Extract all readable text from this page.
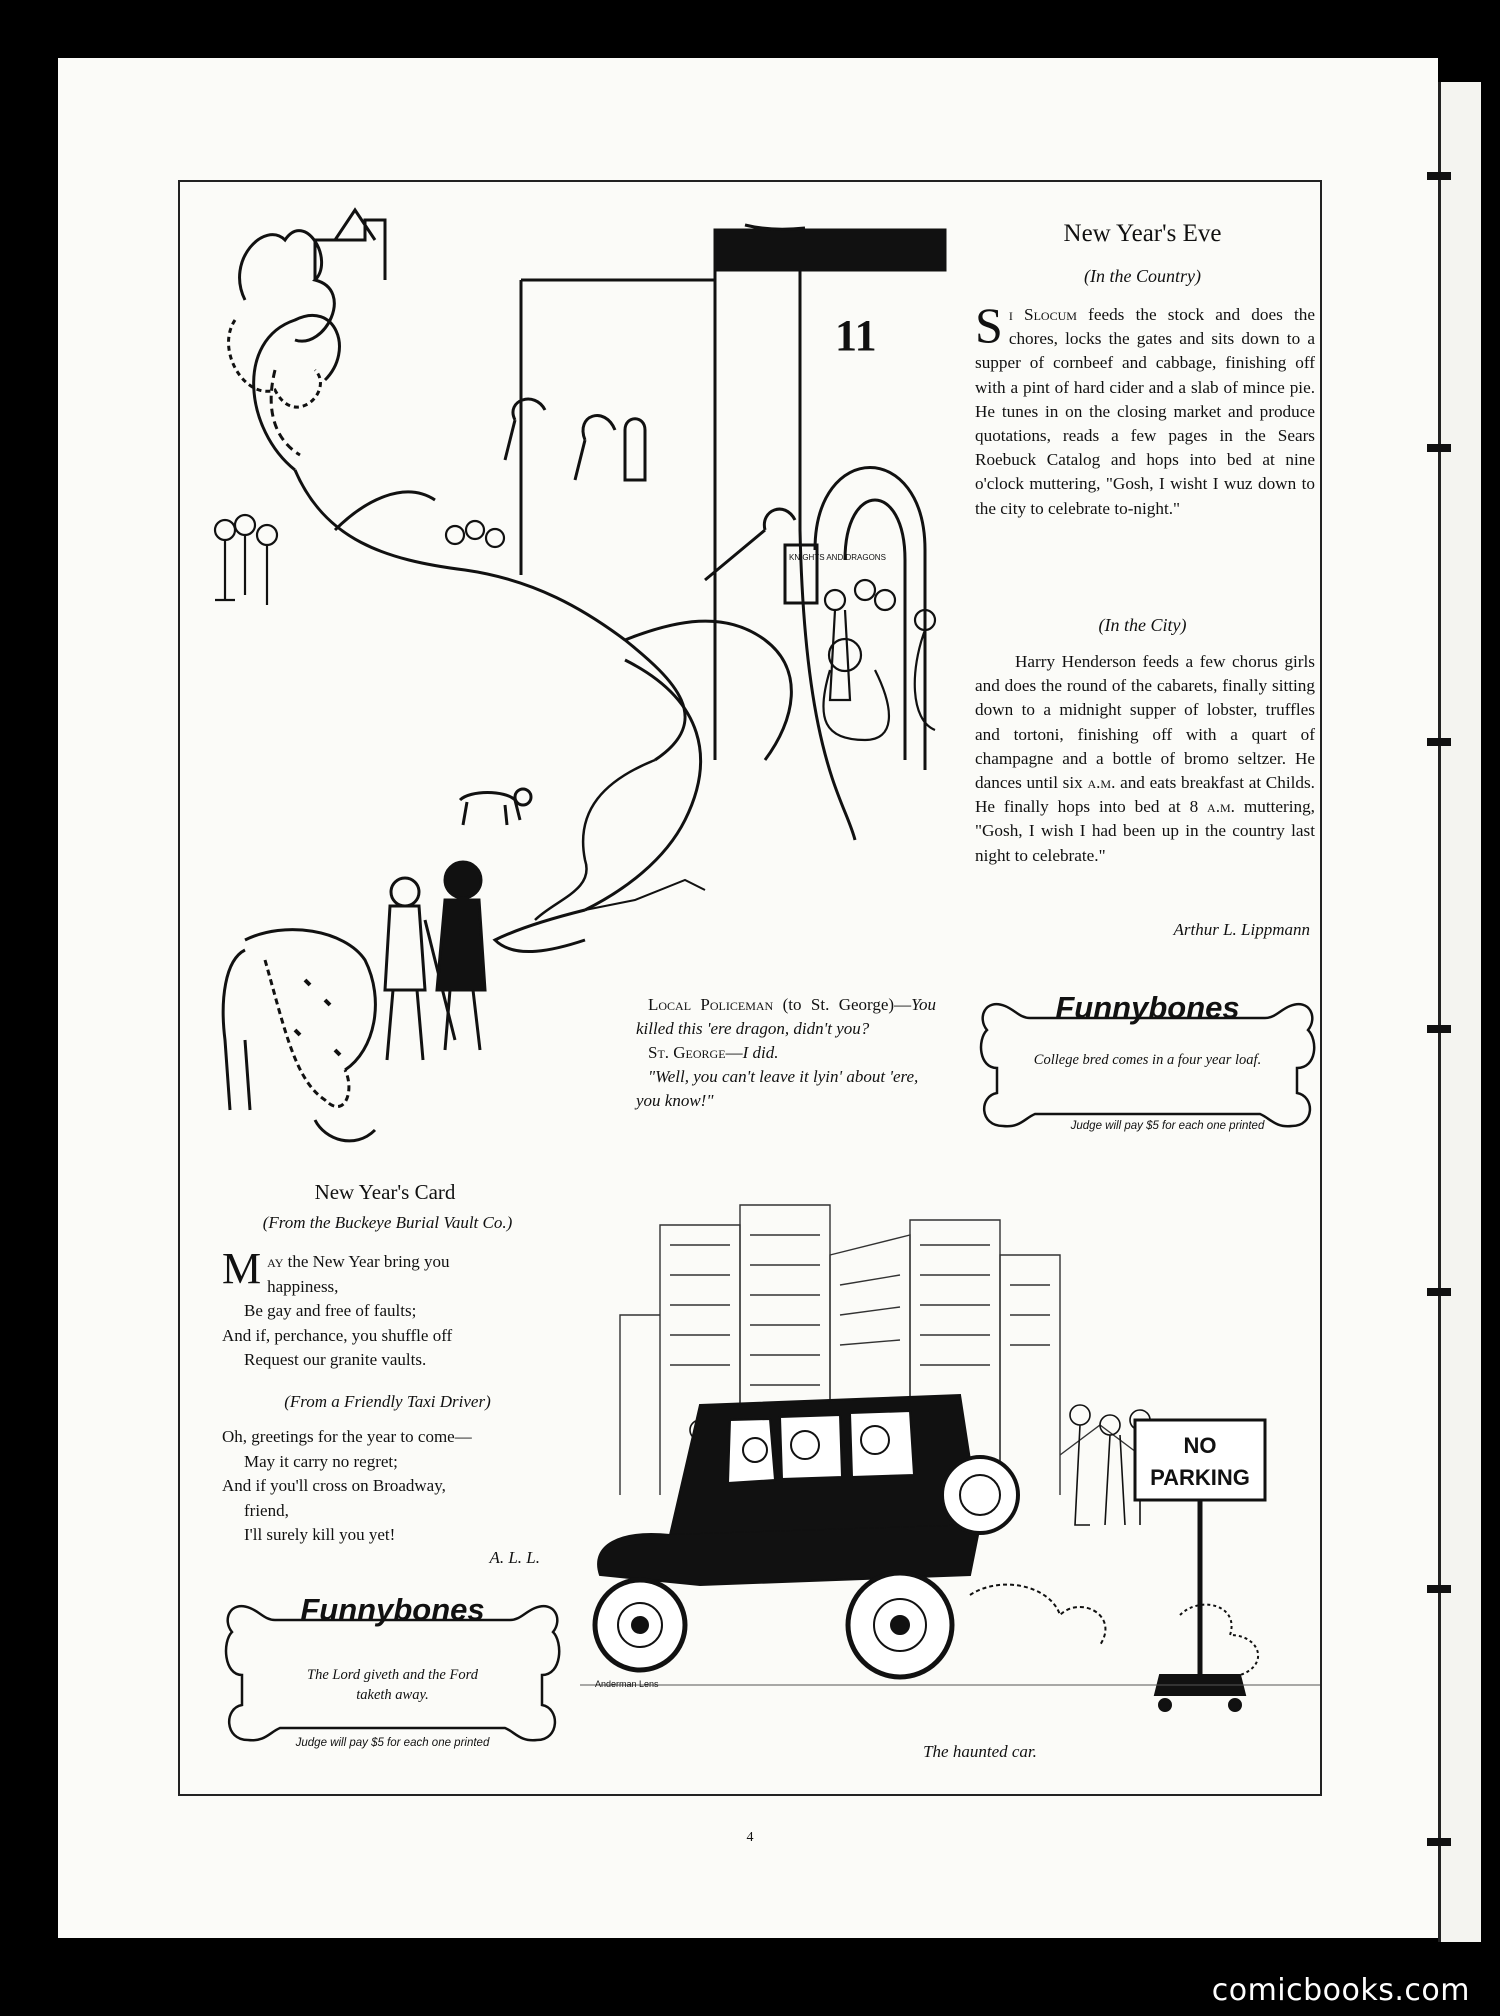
11
KNIGHTS AND DRAGONS
Local Policeman (to St. George)—You killed this 'ere dragon, didn't you?
St. George—I did.
"Well, you can't leave it lyin' about 'ere, you know!"
New Year's Eve
(In the Country)

Si Slocum feeds the stock and does the chores, locks the gates and sits down to a supper of cornbeef and cabbage, finishing off with a pint of hard cider and a slab of mince pie. He tunes in on the closing market and produce quotations, reads a few pages in the Sears Roebuck Catalog and hops into bed at nine o'clock muttering, "Gosh, I wisht I wuz down to the city to celebrate to-night."

(In the City)

Harry Henderson feeds a few chorus girls and does the round of the cabarets, finally sitting down to a midnight supper of lobster, truffles and tortoni, finishing off with a quart of champagne and a bottle of bromo seltzer. He dances until six a.m. and eats breakfast at Childs. He finally hops into bed at 8 a.m. muttering, "Gosh, I wish I had been up in the country last night to celebrate."

Arthur L. Lippmann
Funnybones
College bred comes in a four year loaf.
Judge will pay $5 for each one printed
New Year's Card
(From the Buckeye Burial Vault Co.)
May the New Year bring you
happiness,
Be gay and free of faults;
And if, perchance, you shuffle off
Request our granite vaults.
(From a Friendly Taxi Driver)
Oh, greetings for the year to come—
May it carry no regret;
And if you'll cross on Broadway,
friend,
I'll surely kill you yet!
A. L. L.
Funnybones
The Lord giveth and the Ford taketh away.
Judge will pay $5 for each one printed
NO
PARKING
Anderman Lens
The haunted car.
4
comicbooks.com
